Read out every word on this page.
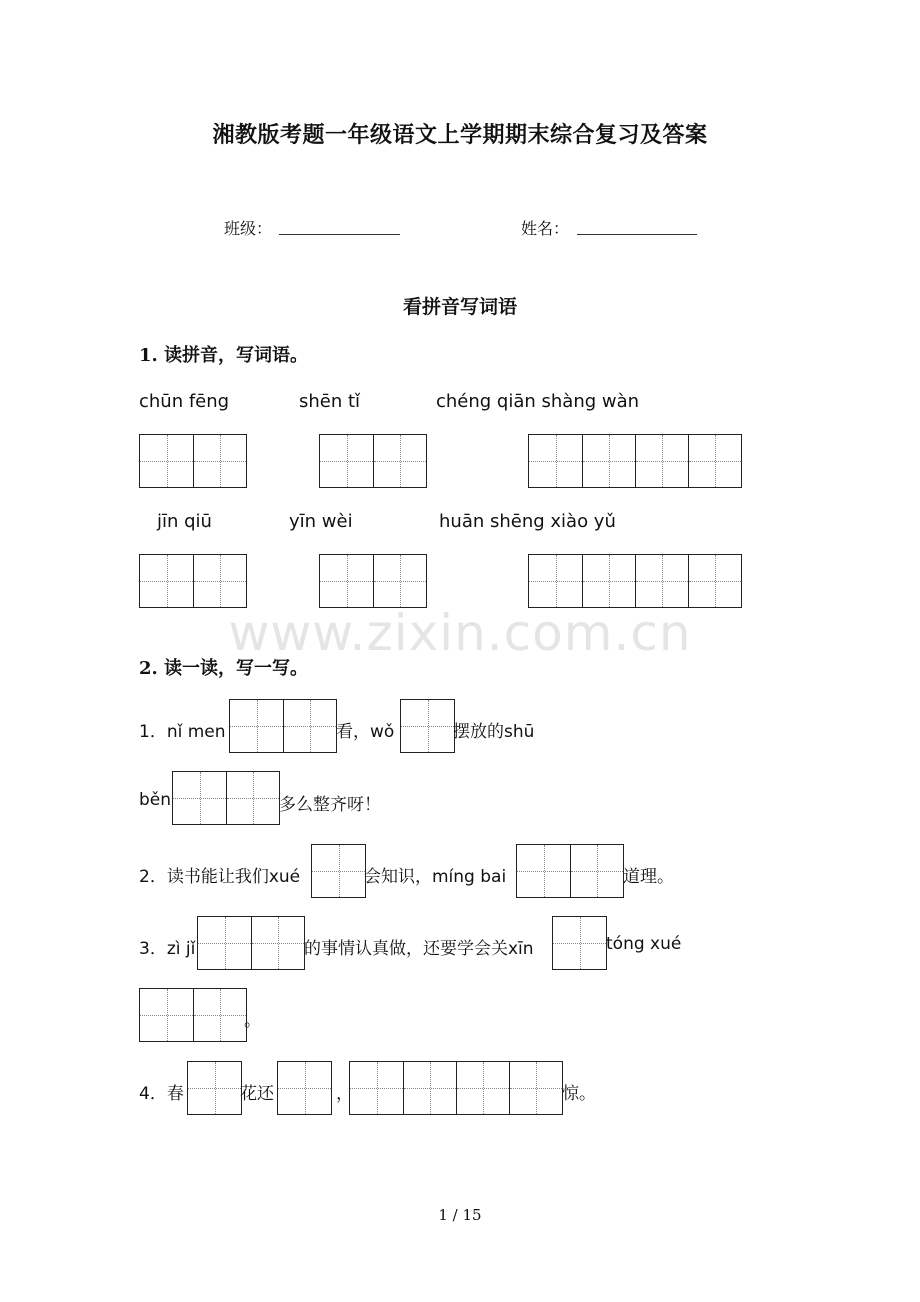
湘教版考题一年级语文上学期期末综合复习及答案
班级：	姓名：
看拼音写词语
1. 读拼音，写词语。
chūn fēng	shēn tǐ	chéng qiān shàng wàn
jīn qiū	yīn wèi	huān shēng xiào yǔ
www.zixin.com.cn
2. 读一读，写一写。
1．nǐ men	看，wǒ	摆放的shū
běn	多么整齐呀！
2．读书能让我们xué	会知识，míng bai	道理。
3．zì jǐ	的事情认真做，还要学会关xīn	tóng xué
。
4．春	花还	，	惊。
1 / 15
